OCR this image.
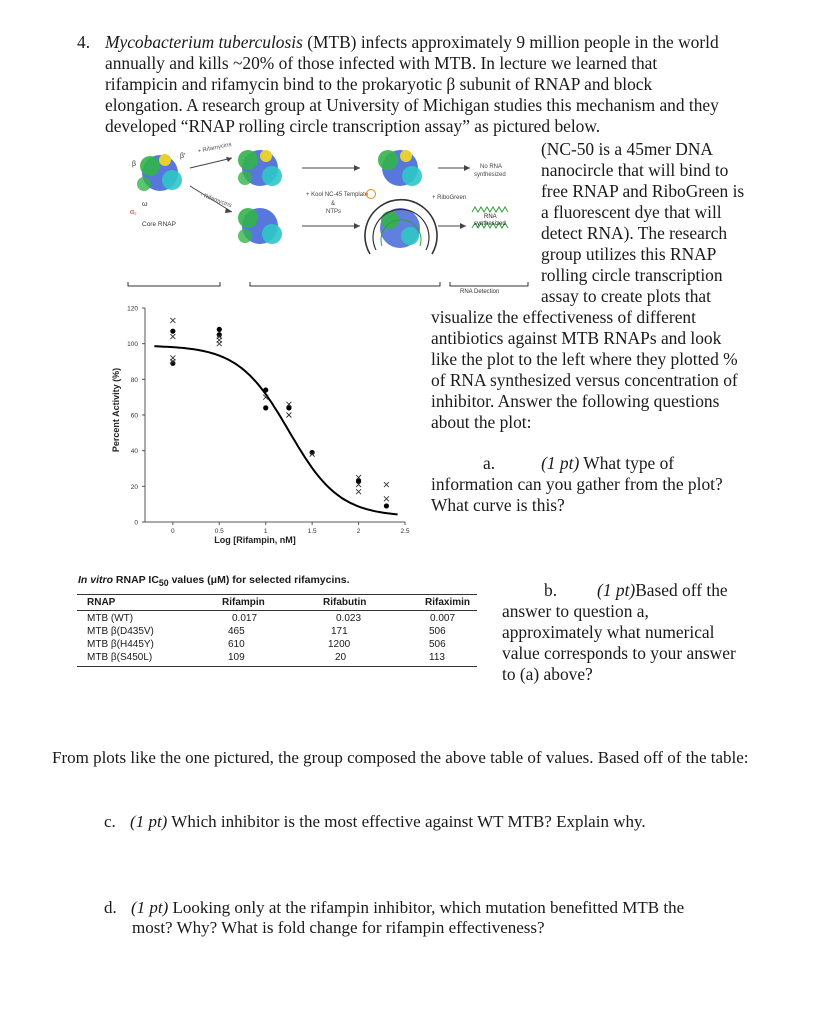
4. Mycobacterium tuberculosis (MTB) infects approximately 9 million people in the world
annually and kills ~20% of those infected with MTB. In lecture we learned that
rifampicin and rifamycin bind to the prokaryotic β subunit of RNAP and block
elongation. A research group at University of Michigan studies this mechanism and they
developed “RNAP rolling circle transcription assay” as pictured below.
(NC-50 is a 45mer DNA
nanocircle that will bind to
free RNAP and RiboGreen is
a fluorescent dye that will
detect RNA). The research
group utilizes this RNAP
rolling circle transcription
assay to create plots that
visualize the effectiveness of different
antibiotics against MTB RNAPs and look
like the plot to the left where they plotted %
of RNA synthesized versus concentration of
inhibitor. Answer the following questions
about the plot:
a.	(1 pt) What type of
information can you gather from the plot?
What curve is this?
β
β'
ω
α₂
Core RNAP
+ Rifamycins
- Rifamycins	+ Kool NC-45 Template
&
NTPs
+ RiboGreen
No RNA
synthesized
RNA
synthesized
RNA Detection
0
20
40
60
80
100
120
0	0.5	1	1.5	2	2.5
Log [Rifampin, nM]
Percent Activity (%)
In vitro RNAP $IC_{50}$ values (μM) for selected rifamycins.
RNAP	Rifampin	Rifabutin	Rifaximin
MTB (WT)	0.017	0.023	0.007
MTB β(D435V)	465	171	506
MTB β(H445Y)	610	1200	506
MTB β(S450L)	109	20	113
b. (1 pt)Based off the
answer to question a,
approximately what numerical
value corresponds to your answer
to (a) above?
From plots like the one pictured, the group composed the above table of values. Based off of the table:
c. (1 pt) Which inhibitor is the most effective against WT MTB? Explain why.
d. (1 pt) Looking only at the rifampin inhibitor, which mutation benefitted MTB the
most? Why? What is fold change for rifampin effectiveness?
